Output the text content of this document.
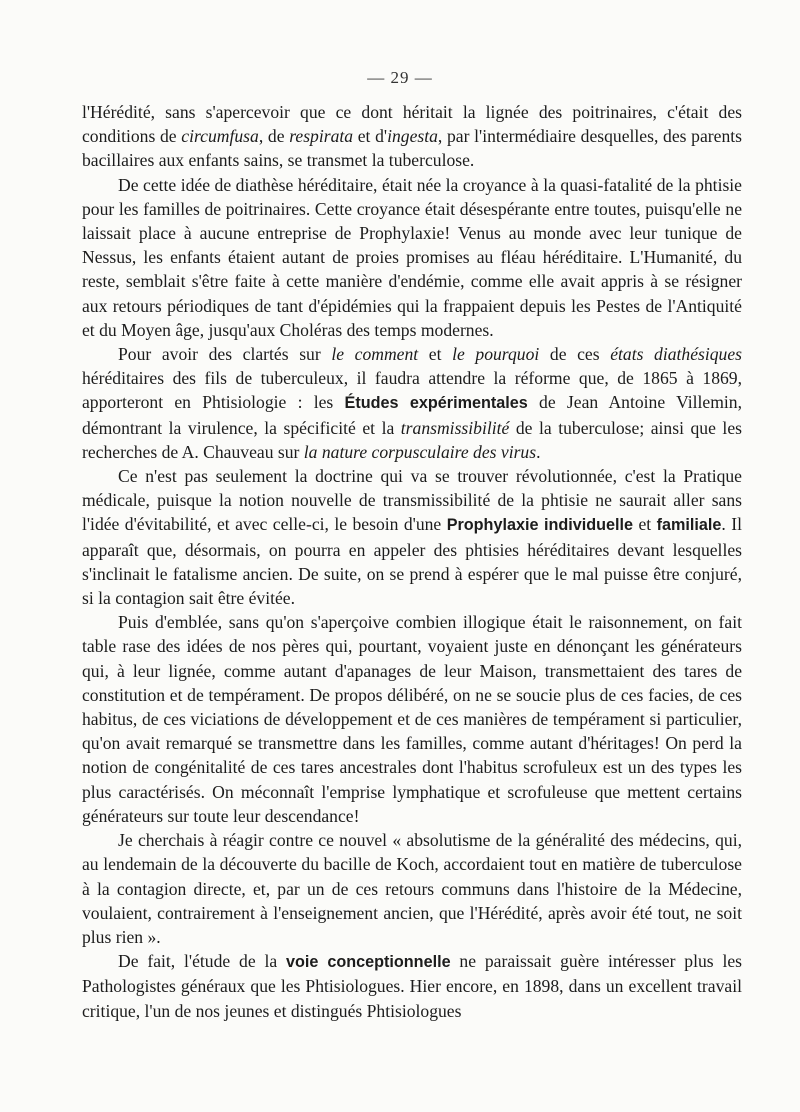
— 29 —

l'Hérédité, sans s'apercevoir que ce dont héritait la lignée des poitrinaires, c'était des conditions de circumfusa, de respirata et d'ingesta, par l'intermédiaire desquelles, des parents bacillaires aux enfants sains, se transmet la tuberculose.

De cette idée de diathèse héréditaire, était née la croyance à la quasi-fatalité de la phtisie pour les familles de poitrinaires. Cette croyance était désespérante entre toutes, puisqu'elle ne laissait place à aucune entreprise de Prophylaxie! Venus au monde avec leur tunique de Nessus, les enfants étaient autant de proies promises au fléau héréditaire. L'Humanité, du reste, semblait s'être faite à cette manière d'endémie, comme elle avait appris à se résigner aux retours périodiques de tant d'épidémies qui la frappaient depuis les Pestes de l'Antiquité et du Moyen âge, jusqu'aux Choléras des temps modernes.

Pour avoir des clartés sur le comment et le pourquoi de ces états diathésiques héréditaires des fils de tuberculeux, il faudra attendre la réforme que, de 1865 à 1869, apporteront en Phtisiologie : les Études expérimentales de Jean Antoine Villemin, démontrant la virulence, la spécificité et la transmissibilité de la tuberculose; ainsi que les recherches de A. Chauveau sur la nature corpusculaire des virus.

Ce n'est pas seulement la doctrine qui va se trouver révolutionnée, c'est la Pratique médicale, puisque la notion nouvelle de transmissibilité de la phtisie ne saurait aller sans l'idée d'évitabilité, et avec celle-ci, le besoin d'une Prophylaxie individuelle et familiale. Il apparaît que, désormais, on pourra en appeler des phtisies héréditaires devant lesquelles s'inclinait le fatalisme ancien. De suite, on se prend à espérer que le mal puisse être conjuré, si la contagion sait être évitée.

Puis d'emblée, sans qu'on s'aperçoive combien illogique était le raisonnement, on fait table rase des idées de nos pères qui, pourtant, voyaient juste en dénonçant les générateurs qui, à leur lignée, comme autant d'apanages de leur Maison, transmettaient des tares de constitution et de tempérament. De propos délibéré, on ne se soucie plus de ces facies, de ces habitus, de ces viciations de développement et de ces manières de tempérament si particulier, qu'on avait remarqué se transmettre dans les familles, comme autant d'héritages! On perd la notion de congénitalité de ces tares ancestrales dont l'habitus scrofuleux est un des types les plus caractérisés. On méconnaît l'emprise lymphatique et scrofuleuse que mettent certains générateurs sur toute leur descendance!

Je cherchais à réagir contre ce nouvel « absolutisme de la généralité des médecins, qui, au lendemain de la découverte du bacille de Koch, accordaient tout en matière de tuberculose à la contagion directe, et, par un de ces retours communs dans l'histoire de la Médecine, voulaient, contrairement à l'enseignement ancien, que l'Hérédité, après avoir été tout, ne soit plus rien ».

De fait, l'étude de la voie conceptionnelle ne paraissait guère intéresser plus les Pathologistes généraux que les Phtisiologues. Hier encore, en 1898, dans un excellent travail critique, l'un de nos jeunes et distingués Phtisiologues
